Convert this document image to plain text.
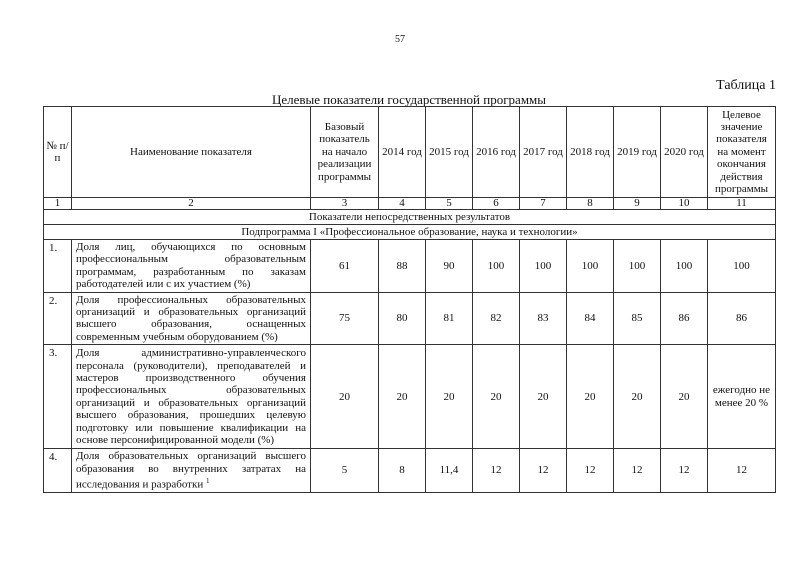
57
Таблица 1
Целевые показатели государственной программы
№ п/п	Наименование показателя	Базовый показатель на начало реализации программы	2014 год	2015 год	2016 год	2017 год	2018 год	2019 год	2020 год	Целевое значение показателя на момент окончания действия программы
1	2	3	4	5	6	7	8	9	10	11
Показатели непосредственных результатов										
Подпрограмма I «Профессиональное образование, наука и технологии»										
1.	Доля лиц, обучающихся по основным профессиональным образовательным программам, разработанным по заказам работодателей или с их участием (%)	61	88	90	100	100	100	100	100	100
2.	Доля профессиональных образовательных организаций и образовательных организаций высшего образования, оснащенных современным учебным оборудованием (%)	75	80	81	82	83	84	85	86	86
3.	Доля административно-управленческого персонала (руководители), преподавателей и мастеров производственного обучения профессиональных образовательных организаций и образовательных организаций высшего образования, прошедших целевую подготовку или повышение квалификации на основе персонифицированной модели (%)	20	20	20	20	20	20	20	20	ежегодно не менее 20 %
4.	Доля образовательных организаций высшего образования во внутренних затратах на исследования и разработки $^1$	5	8	11,4	12	12	12	12	12	12
